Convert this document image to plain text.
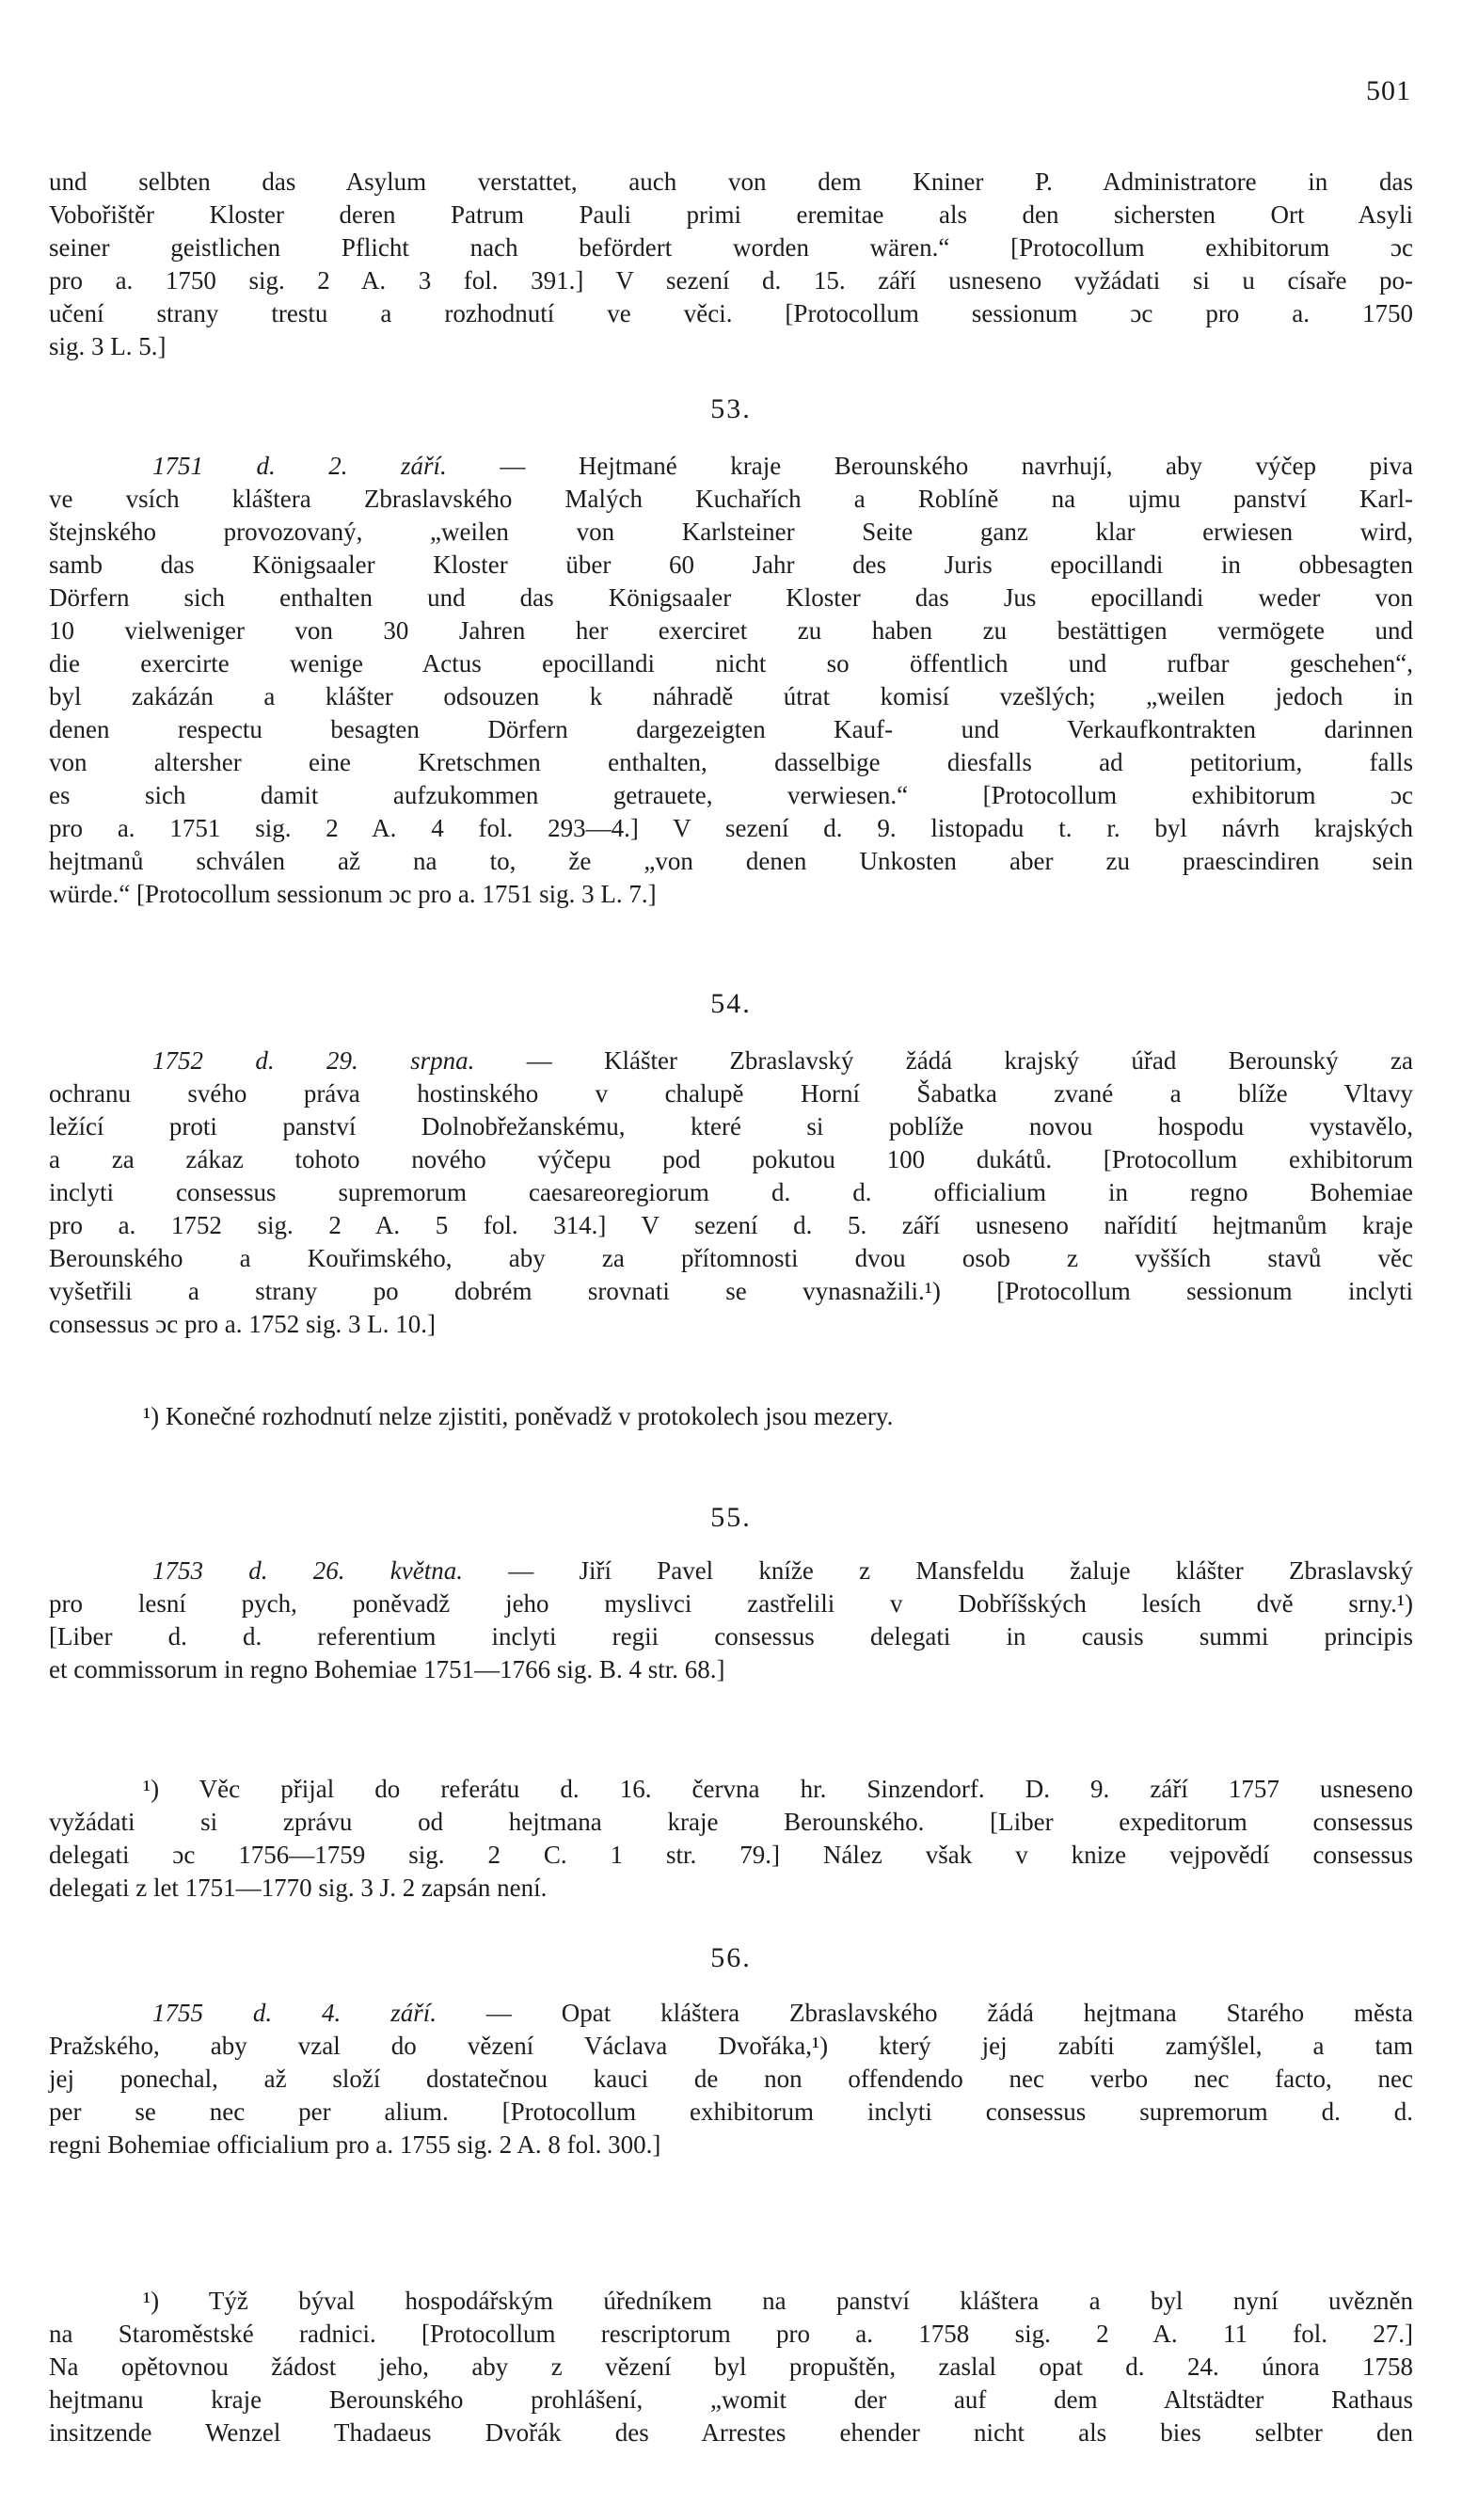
501
und selbten das Asylum verstattet, auch von dem Kniner P. Administratore in das
Vobořištěr Kloster deren Patrum Pauli primi eremitae als den sichersten Ort Asyli
seiner geistlichen Pflicht nach befördert worden wären.“ [Protocollum exhibitorum ɔc
pro a. 1750 sig. 2 A. 3 fol. 391.] V sezení d. 15. září usneseno vyžádati si u císaře po-
učení strany trestu a rozhodnutí ve věci. [Protocollum sessionum ɔc pro a. 1750
sig. 3 L. 5.]
53.
1751 d. 2. září. — Hejtmané kraje Berounského navrhují, aby výčep piva
ve vsích kláštera Zbraslavského Malých Kuchařích a Roblíně na ujmu panství Karl-
štejnského provozovaný, „weilen von Karlsteiner Seite ganz klar erwiesen wird,
samb das Königsaaler Kloster über 60 Jahr des Juris epocillandi in obbesagten
Dörfern sich enthalten und das Königsaaler Kloster das Jus epocillandi weder von
10 vielweniger von 30 Jahren her exerciret zu haben zu bestättigen vermögete und
die exercirte wenige Actus epocillandi nicht so öffentlich und rufbar geschehen“,
byl zakázán a klášter odsouzen k náhradě útrat komisí vzešlých; „weilen jedoch in
denen respectu besagten Dörfern dargezeigten Kauf- und Verkaufkontrakten darinnen
von altersher eine Kretschmen enthalten, dasselbige diesfalls ad petitorium, falls
es sich damit aufzukommen getrauete, verwiesen.“ [Protocollum exhibitorum ɔc
pro a. 1751 sig. 2 A. 4 fol. 293—4.] V sezení d. 9. listopadu t. r. byl návrh krajských
hejtmanů schválen až na to, že „von denen Unkosten aber zu praescindiren sein
würde.“ [Protocollum sessionum ɔc pro a. 1751 sig. 3 L. 7.]
54.
1752 d. 29. srpna. — Klášter Zbraslavský žádá krajský úřad Berounský za
ochranu svého práva hostinského v chalupě Horní Šabatka zvané a blíže Vltavy
ležící proti panství Dolnobřežanskému, které si poblíže novou hospodu vystavělo,
a za zákaz tohoto nového výčepu pod pokutou 100 dukátů. [Protocollum exhibitorum
inclyti consessus supremorum caesareoregiorum d. d. officialium in regno Bohemiae
pro a. 1752 sig. 2 A. 5 fol. 314.] V sezení d. 5. září usneseno nařídití hejtmanům kraje
Berounského a Kouřimského, aby za přítomnosti dvou osob z vyšších stavů věc
vyšetřili a strany po dobrém srovnati se vynasnažili.¹) [Protocollum sessionum inclyti
consessus ɔc pro a. 1752 sig. 3 L. 10.]
¹) Konečné rozhodnutí nelze zjistiti, poněvadž v protokolech jsou mezery.
55.
1753 d. 26. května. — Jiří Pavel kníže z Mansfeldu žaluje klášter Zbraslavský
pro lesní pych, poněvadž jeho myslivci zastřelili v Dobříšských lesích dvě srny.¹)
[Liber d. d. referentium inclyti regii consessus delegati in causis summi principis
et commissorum in regno Bohemiae 1751—1766 sig. B. 4 str. 68.]
¹) Věc přijal do referátu d. 16. června hr. Sinzendorf. D. 9. září 1757 usneseno
vyžádati si zprávu od hejtmana kraje Berounského. [Liber expeditorum consessus
delegati ɔc 1756—1759 sig. 2 C. 1 str. 79.] Nález však v knize vejpovědí consessus
delegati z let 1751—1770 sig. 3 J. 2 zapsán není.
56.
1755 d. 4. září. — Opat kláštera Zbraslavského žádá hejtmana Starého města
Pražského, aby vzal do vězení Václava Dvořáka,¹) který jej zabíti zamýšlel, a tam
jej ponechal, až složí dostatečnou kauci de non offendendo nec verbo nec facto, nec
per se nec per alium. [Protocollum exhibitorum inclyti consessus supremorum d. d.
regni Bohemiae officialium pro a. 1755 sig. 2 A. 8 fol. 300.]
¹) Týž býval hospodářským úředníkem na panství kláštera a byl nyní uvězněn
na Staroměstské radnici. [Protocollum rescriptorum pro a. 1758 sig. 2 A. 11 fol. 27.]
Na opětovnou žádost jeho, aby z vězení byl propuštěn, zaslal opat d. 24. února 1758
hejtmanu kraje Berounského prohlášení, „womit der auf dem Altstädter Rathaus
insitzende Wenzel Thadaeus Dvořák des Arrestes ehender nicht als bies selbter den
